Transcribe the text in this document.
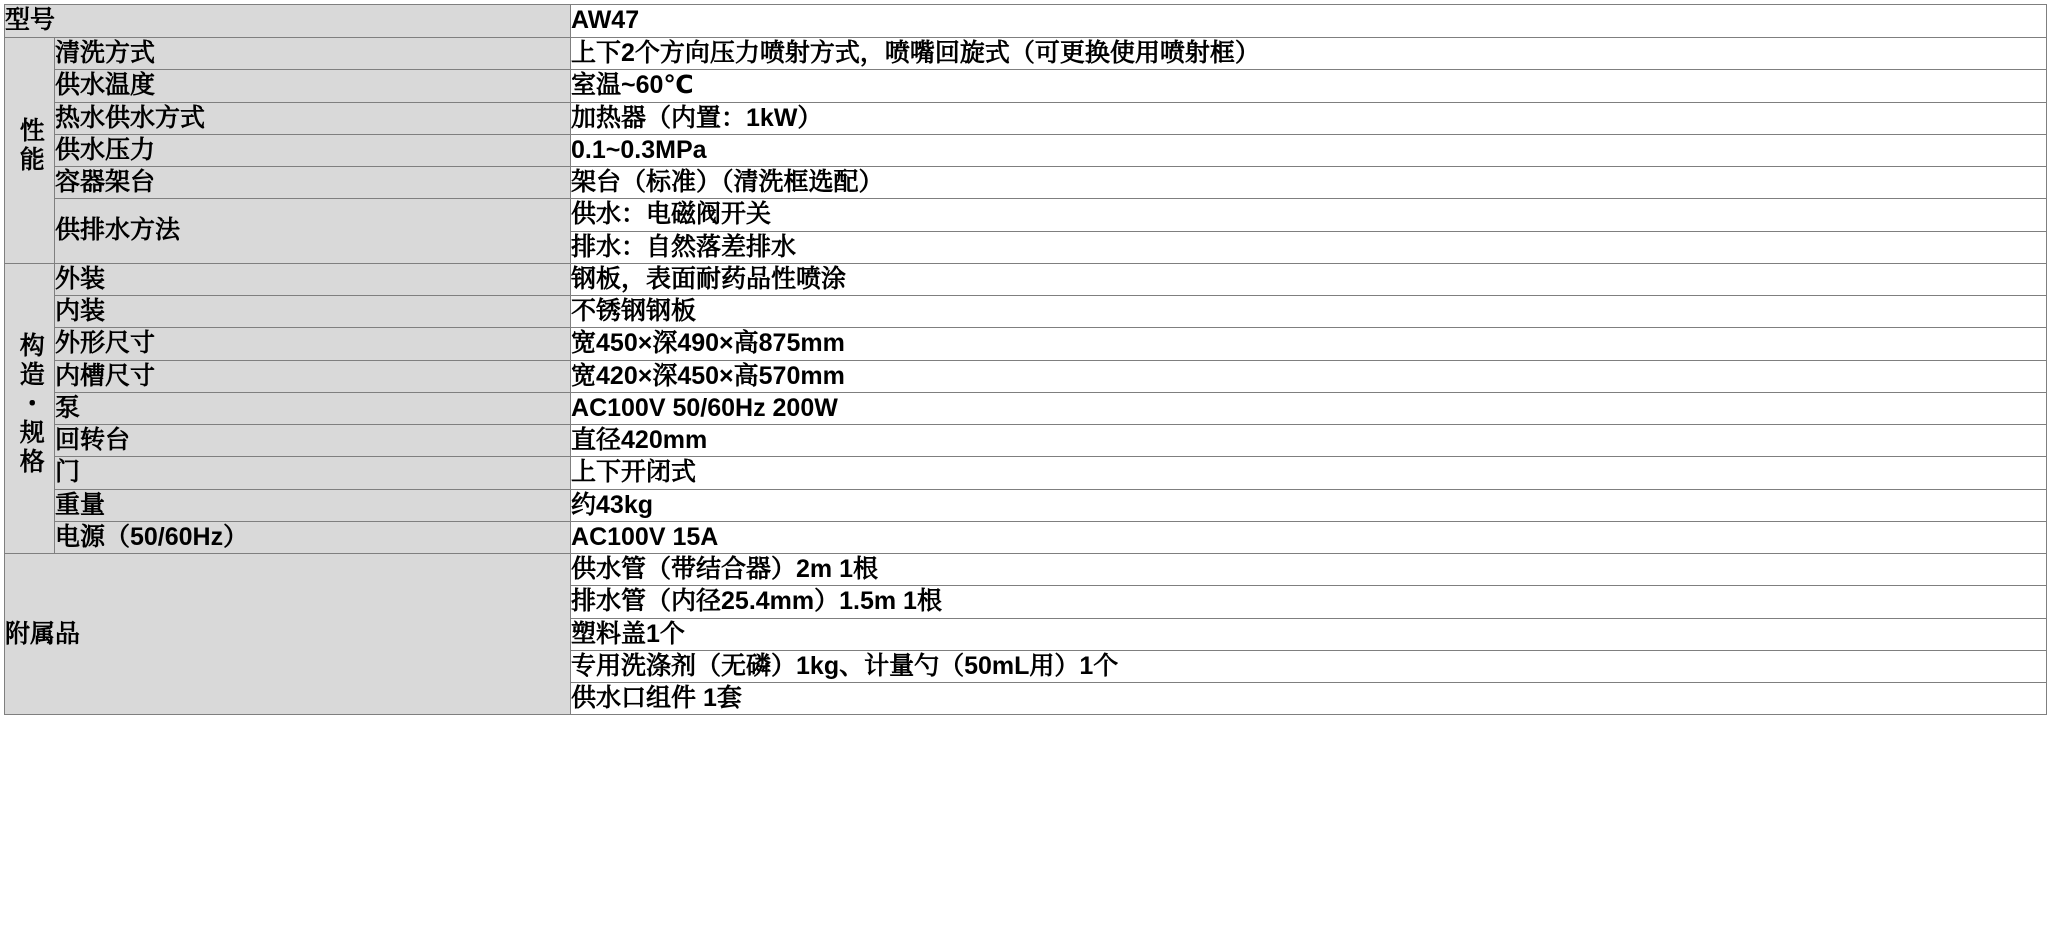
型号		AW47
性能	清洗方式	上下2个方向压力喷射方式，喷嘴回旋式（可更换使用喷射框）
	供水温度	室温~60℃
	热水供水方式	加热器（内置：1kW）
	供水压力	0.1~0.3MPa
	容器架台	架台（标准）（清洗框选配）
	供排水方法	供水：电磁阀开关
		排水：自然落差排水
构造・规格	外装	钢板，表面耐药品性喷涂
	内装	不锈钢钢板
	外形尺寸	宽450×深490×高875mm
	内槽尺寸	宽420×深450×高570mm
	泵	AC100V 50/60Hz 200W
	回转台	直径420mm
	门	上下开闭式
	重量	约43kg
	电源（50/60Hz）	AC100V 15A
附属品		供水管（带结合器）2m 1根
		排水管（内径25.4mm）1.5m 1根
		塑料盖1个
		专用洗涤剂（无磷）1kg、计量勺（50mL用）1个
		供水口组件 1套
